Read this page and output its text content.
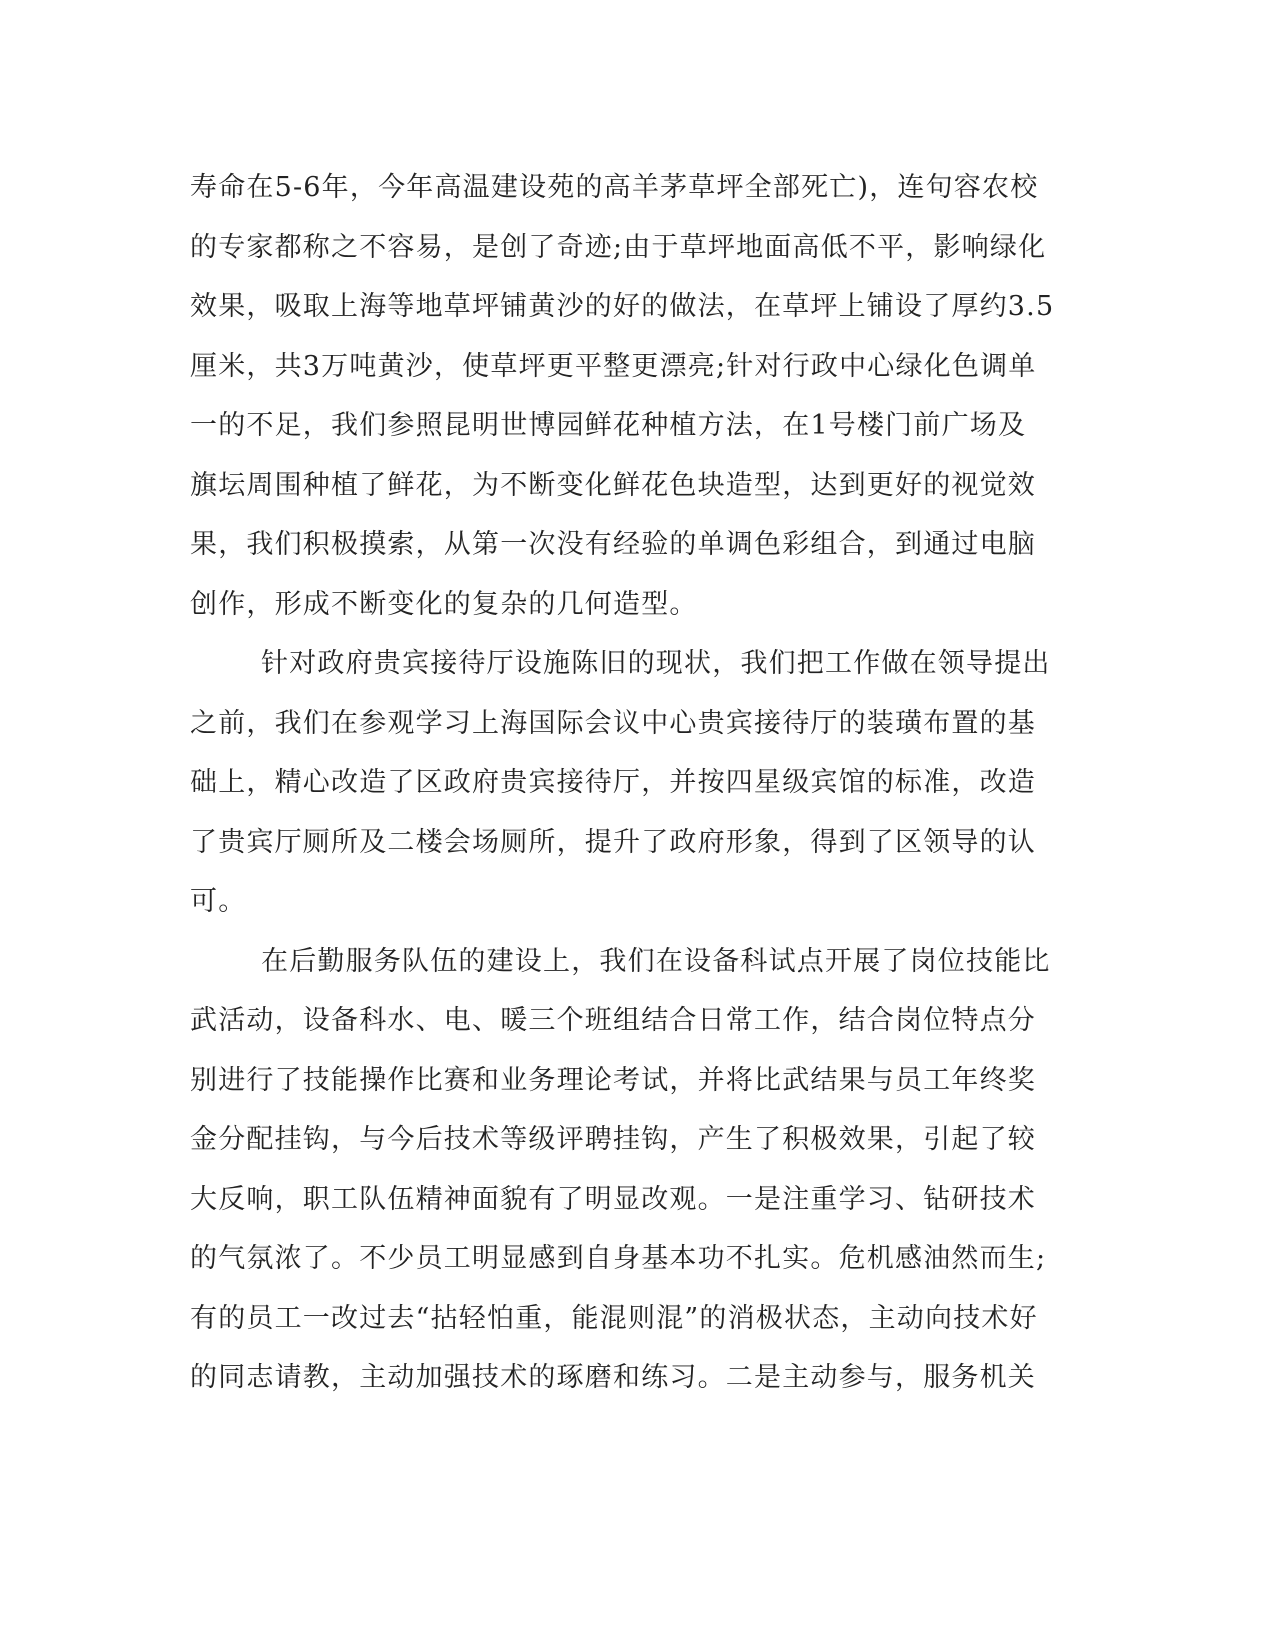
寿命在5-6年，今年高温建设苑的高羊茅草坪全部死亡)，连句容农校
的专家都称之不容易，是创了奇迹;由于草坪地面高低不平，影响绿化
效果，吸取上海等地草坪铺黄沙的好的做法，在草坪上铺设了厚约3.5
厘米，共3万吨黄沙，使草坪更平整更漂亮;针对行政中心绿化色调单
一的不足，我们参照昆明世博园鲜花种植方法，在1号楼门前广场及
旗坛周围种植了鲜花，为不断变化鲜花色块造型，达到更好的视觉效
果，我们积极摸索，从第一次没有经验的单调色彩组合，到通过电脑
创作，形成不断变化的复杂的几何造型。
针对政府贵宾接待厅设施陈旧的现状，我们把工作做在领导提出
之前，我们在参观学习上海国际会议中心贵宾接待厅的装璜布置的基
础上，精心改造了区政府贵宾接待厅，并按四星级宾馆的标准，改造
了贵宾厅厕所及二楼会场厕所，提升了政府形象，得到了区领导的认
可。
在后勤服务队伍的建设上，我们在设备科试点开展了岗位技能比
武活动，设备科水、电、暖三个班组结合日常工作，结合岗位特点分
别进行了技能操作比赛和业务理论考试，并将比武结果与员工年终奖
金分配挂钩，与今后技术等级评聘挂钩，产生了积极效果，引起了较
大反响，职工队伍精神面貌有了明显改观。一是注重学习、钻研技术
的气氛浓了。不少员工明显感到自身基本功不扎实。危机感油然而生;
有的员工一改过去“拈轻怕重，能混则混”的消极状态，主动向技术好
的同志请教，主动加强技术的琢磨和练习。二是主动参与，服务机关
